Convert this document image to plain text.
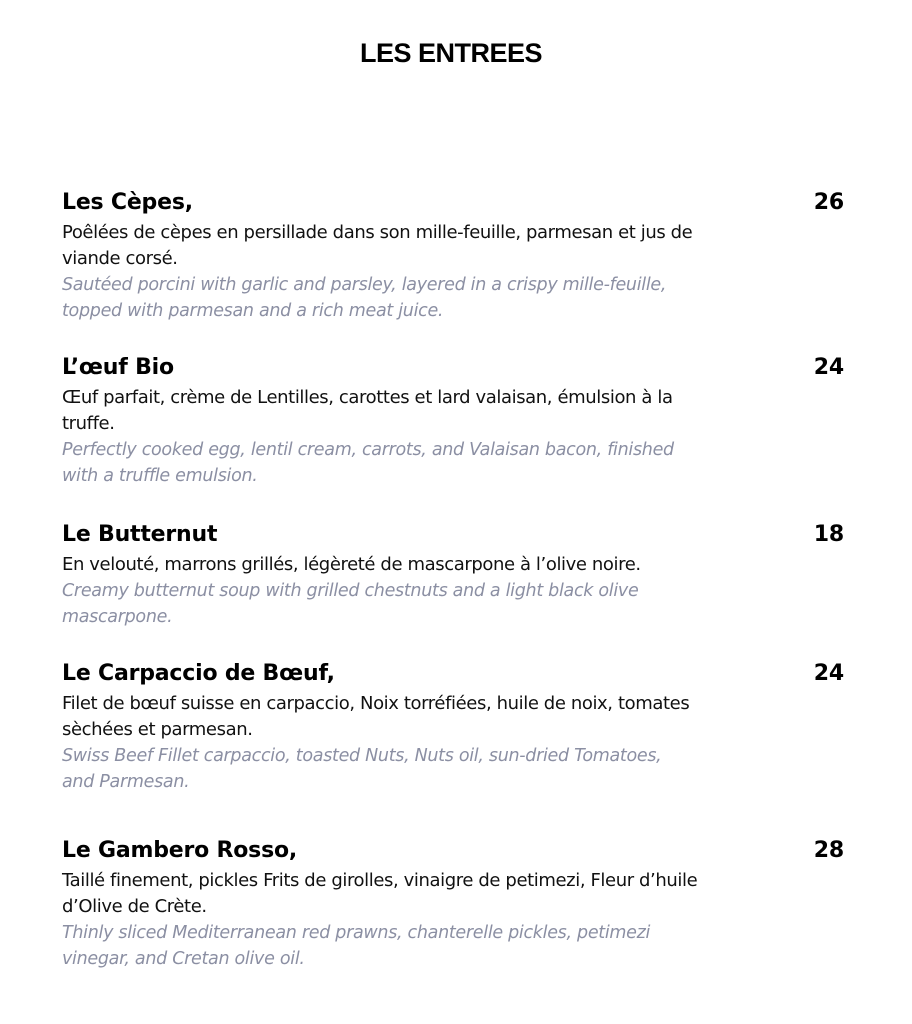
LES ENTREES
Les Cèpes,	26
Poêlées de cèpes en persillade dans son mille-feuille, parmesan et jus de
viande corsé.
Sautéed porcini with garlic and parsley, layered in a crispy mille-feuille,
topped with parmesan and a rich meat juice.
L’œuf Bio	24
Œuf parfait, crème de Lentilles, carottes et lard valaisan, émulsion à la
truffe.
Perfectly cooked egg, lentil cream, carrots, and Valaisan bacon, finished
with a truffle emulsion.
Le Butternut	18
En velouté, marrons grillés, légèreté de mascarpone à l’olive noire.
Creamy butternut soup with grilled chestnuts and a light black olive
mascarpone.
Le Carpaccio de Bœuf,	24
Filet de bœuf suisse en carpaccio, Noix torréfiées, huile de noix, tomates
sèchées et parmesan.
Swiss Beef Fillet carpaccio, toasted Nuts, Nuts oil, sun-dried Tomatoes,
and Parmesan.
Le Gambero Rosso,	28
Taillé finement, pickles Frits de girolles, vinaigre de petimezi, Fleur d’huile
d’Olive de Crète.
Thinly sliced Mediterranean red prawns, chanterelle pickles, petimezi
vinegar, and Cretan olive oil.
